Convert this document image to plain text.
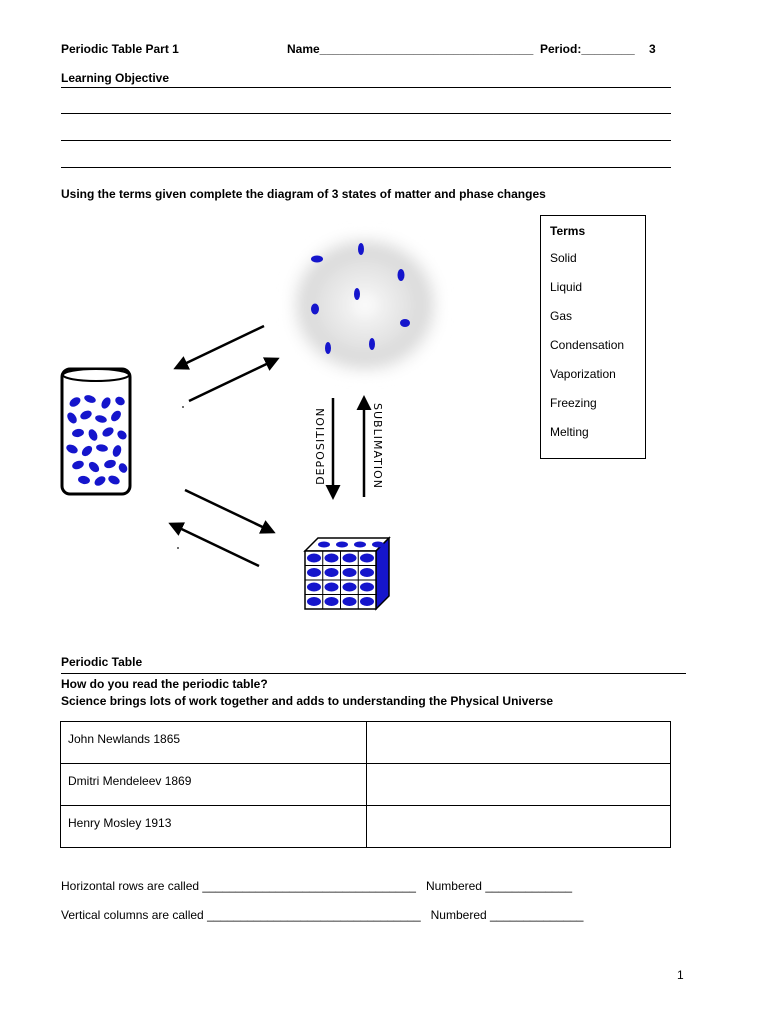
Periodic Table Part 1	Name________________________________ Period:________ 3
Learning Objective
Using the terms given complete the diagram of 3 states of matter and phase changes
DEPOSITION	SUBLIMATION
Terms
Solid
Liquid
Gas
Condensation
Vaporization
Freezing
Melting
Periodic Table
How do you read the periodic table?
Science brings lots of work together and adds to understanding the Physical Universe
John Newlands 1865	
Dmitri Mendeleev 1869	
Henry Mosley 1913	
Horizontal rows are called ________________________________   Numbered _____________
Vertical columns are called ________________________________   Numbered ______________
1
